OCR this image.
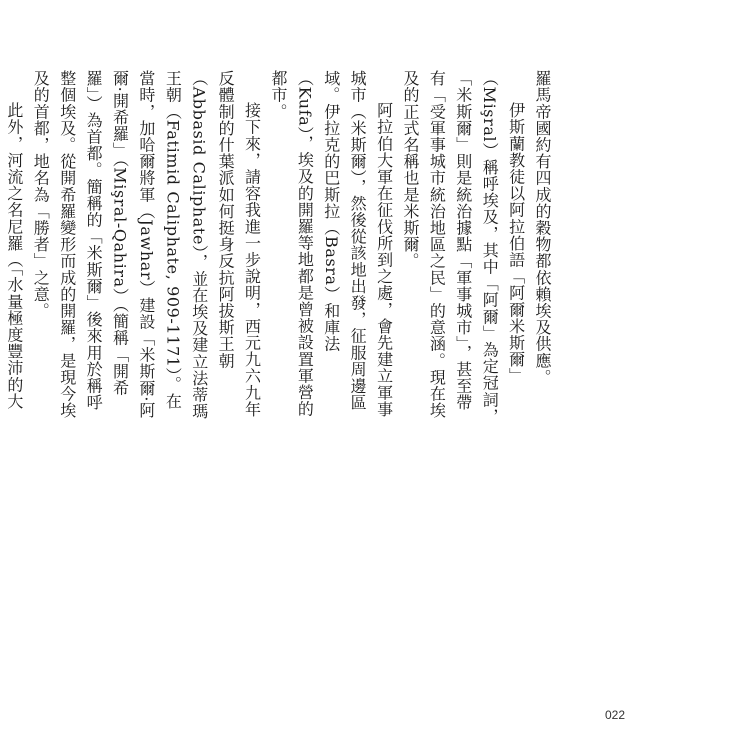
羅馬帝國約有四成的穀物都依賴埃及供應。

伊斯蘭教徒以阿拉伯語「阿爾米斯爾」（Mişral）稱呼埃及，其中「阿爾」為定冠詞，「米斯爾」則是統治據點「軍事城市」，甚至帶有「受軍事城市統治地區之民」的意涵。現在埃及的正式名稱也是米斯爾。

阿拉伯大軍在征伐所到之處，會先建立軍事城市（米斯爾），然後從該地出發，征服周邊區域。伊拉克的巴斯拉（Basra）和庫法（Kufa），埃及的開羅等地都是曾被設置軍營的都市。

接下來，請容我進一步說明，西元九六九年反體制的什葉派如何挺身反抗阿拔斯王朝（Abbasid Caliphate），並在埃及建立法蒂瑪王朝（Fatimid Caliphate, 909-1171）。在當時，加哈爾將軍（Jawhar）建設「米斯爾·阿爾·開希羅」（Mişral-Qahira）（簡稱「開希羅」）為首都。簡稱的「米斯爾」後來用於稱呼整個埃及。從開希羅變形而成的開羅，是現今埃及的首都，地名為「勝者」之意。

此外，河流之名尼羅（「水量極度豐沛的大

022
